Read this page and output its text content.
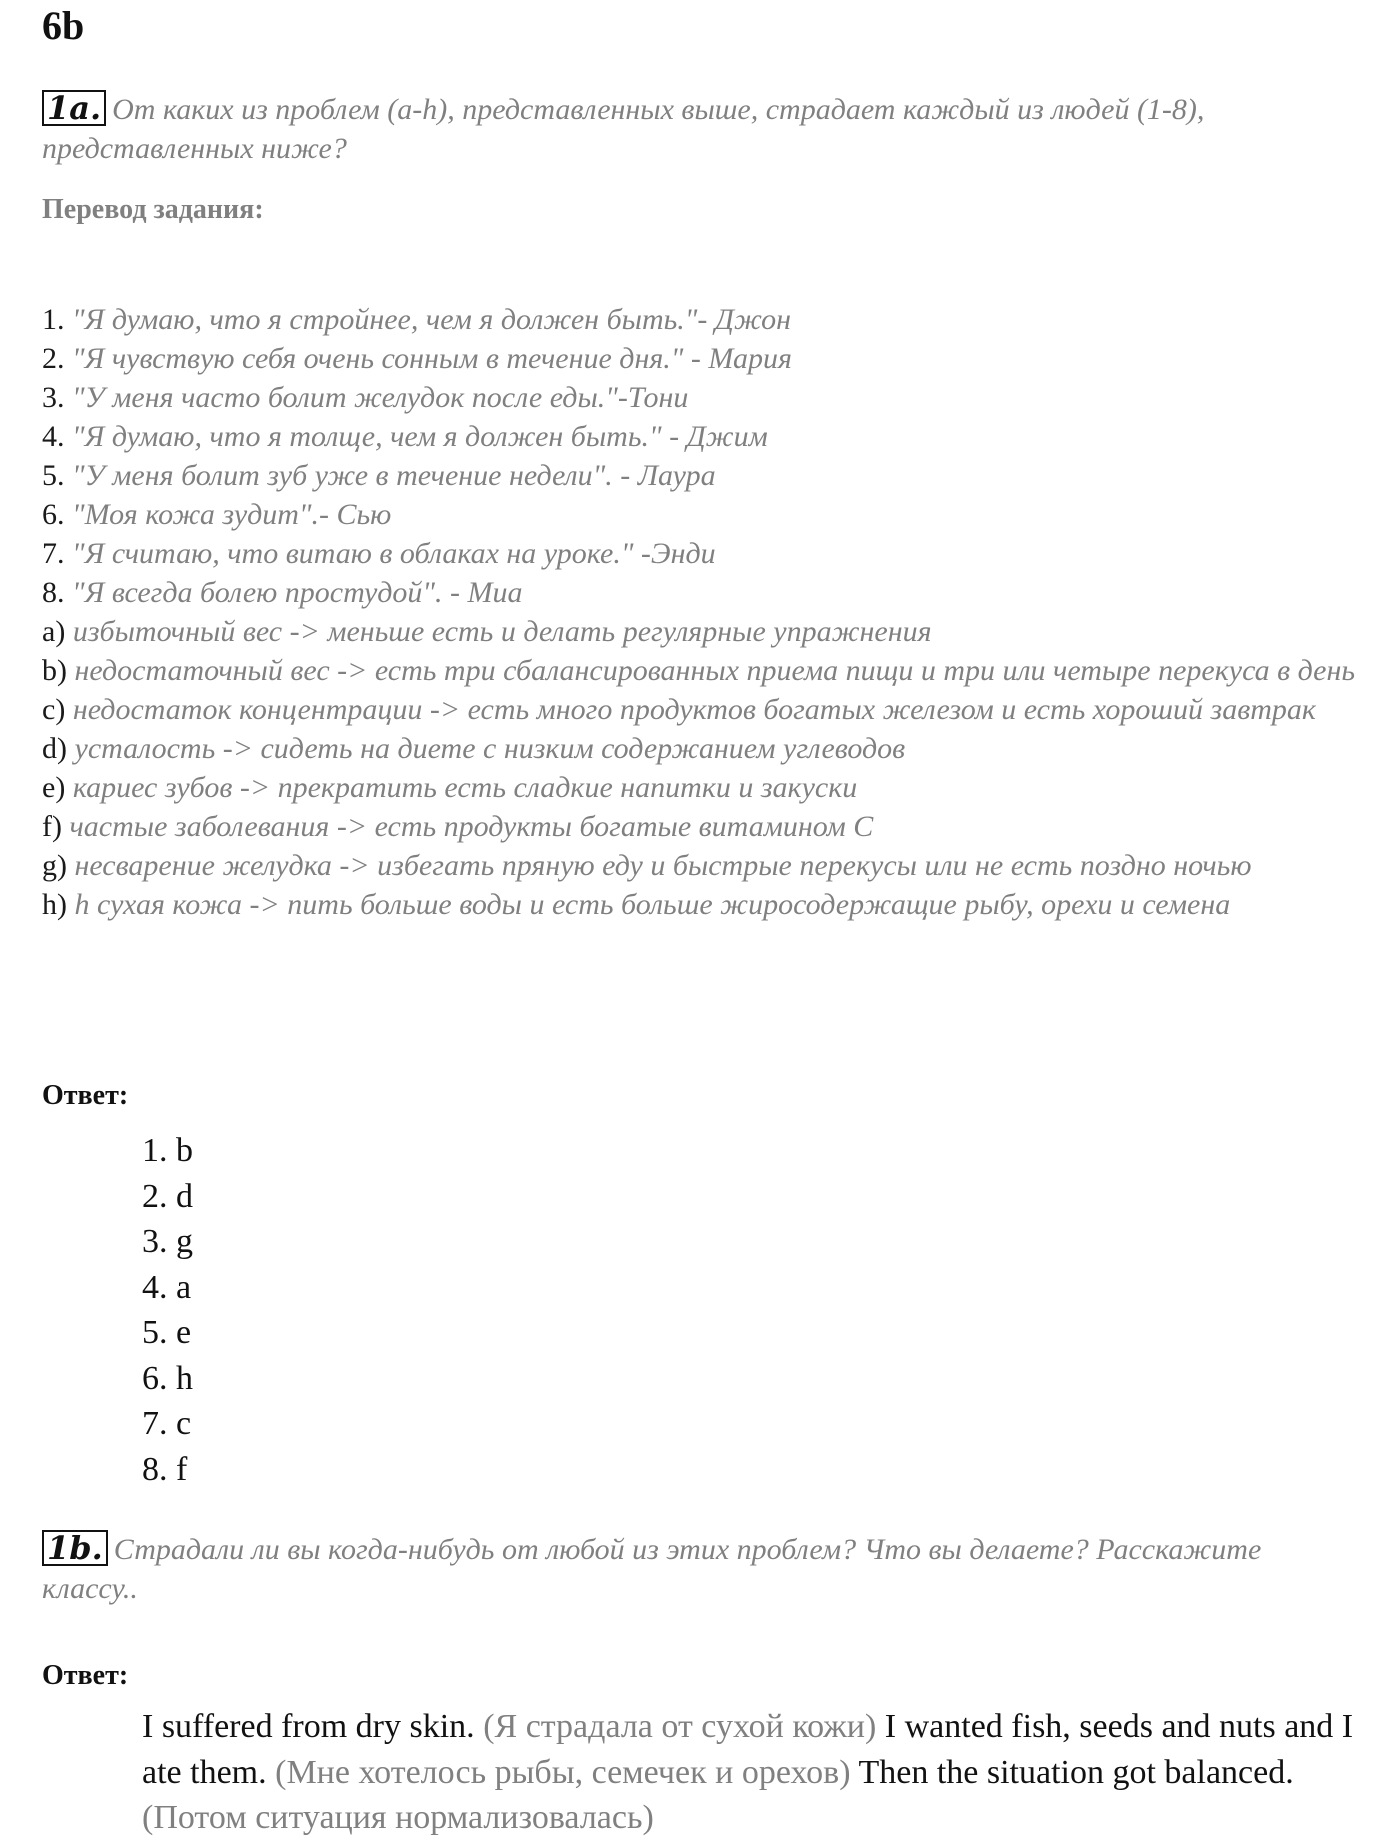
6b
1a. От каких из проблем (a-h), представленных выше, страдает каждый из людей (1-8), представленных ниже?
Перевод задания:

1. "Я думаю, что я стройнее, чем я должен быть."- Джон

2. "Я чувствую себя очень сонным в течение дня." - Мария

3. "У меня часто болит желудок после еды."-Тони

4. "Я думаю, что я толще, чем я должен быть." - Джим

5. "У меня болит зуб уже в течение недели". - Лаура

6. "Моя кожа зудит".- Сью

7. "Я считаю, что витаю в облаках на уроке." -Энди

8. "Я всегда болею простудой". - Миа

a) избыточный вес -> меньше есть и делать регулярные упражнения

b) недостаточный вес -> есть три сбалансированных приема пищи и три или четыре перекуса в день

c) недостаток концентрации -> есть много продуктов богатых железом и есть хороший завтрак

d) усталость -> сидеть на диете с низким содержанием углеводов

e) кариес зубов -> прекратить есть сладкие напитки и закуски

f) частые заболевания -> есть продукты богатые витамином C

g) несварение желудка -> избегать пряную еду и быстрые перекусы или не есть поздно ночью

h) h сухая кожа -> пить больше воды и есть больше жиросодержащие рыбу, орехи и семена

Ответ:
1. b
2. d
3. g
4. a
5. e
6. h
7. c
8. f
1b. Страдали ли вы когда-нибудь от любой из этих проблем? Что вы делаете? Расскажите классу..
Ответ:
I suffered from dry skin. (Я страдала от сухой кожи) I wanted fish, seeds and nuts and I ate them. (Мне хотелось рыбы, семечек и орехов) Then the situation got balanced. (Потом ситуация нормализовалась)
